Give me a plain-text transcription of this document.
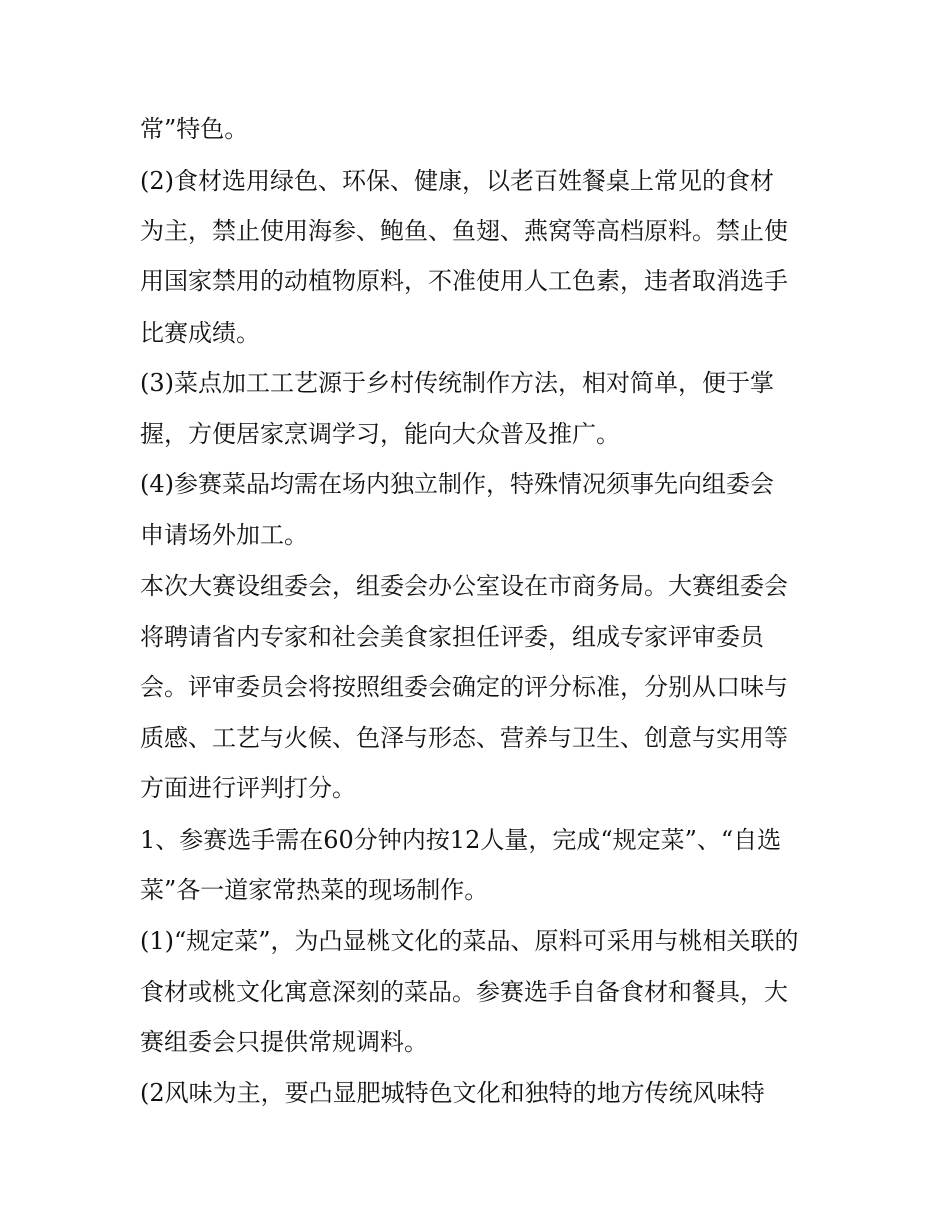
常”特色。
(2)食材选用绿色、环保、健康，以老百姓餐桌上常见的食材
为主，禁止使用海参、鲍鱼、鱼翅、燕窝等高档原料。禁止使
用国家禁用的动植物原料，不准使用人工色素，违者取消选手
比赛成绩。
(3)菜点加工工艺源于乡村传统制作方法，相对简单，便于掌
握，方便居家烹调学习，能向大众普及推广。
(4)参赛菜品均需在场内独立制作，特殊情况须事先向组委会
申请场外加工。
本次大赛设组委会，组委会办公室设在市商务局。大赛组委会
将聘请省内专家和社会美食家担任评委，组成专家评审委员
会。评审委员会将按照组委会确定的评分标准，分别从口味与
质感、工艺与火候、色泽与形态、营养与卫生、创意与实用等
方面进行评判打分。
1、参赛选手需在60分钟内按12人量，完成“规定菜”、“自选
菜”各一道家常热菜的现场制作。
(1)“规定菜”，为凸显桃文化的菜品、原料可采用与桃相关联的
食材或桃文化寓意深刻的菜品。参赛选手自备食材和餐具，大
赛组委会只提供常规调料。
(2风味为主，要凸显肥城特色文化和独特的地方传统风味特
